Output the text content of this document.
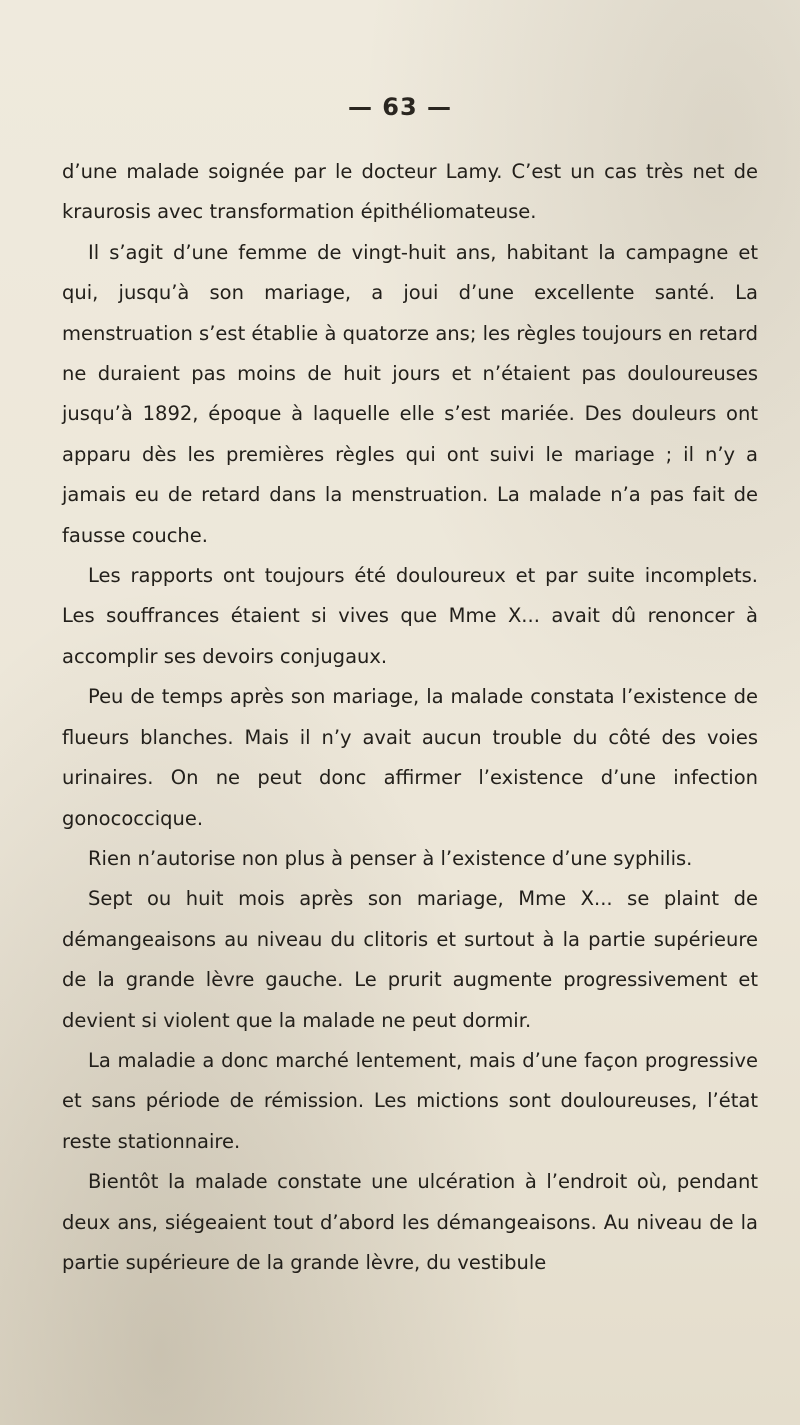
— 63 —

d’une malade soignée par le docteur Lamy. C’est un cas très net de kraurosis avec transformation épithéliomateuse.

Il s’agit d’une femme de vingt-huit ans, habitant la campagne et qui, jusqu’à son mariage, a joui d’une excellente santé. La menstruation s’est établie à quatorze ans; les règles toujours en retard ne duraient pas moins de huit jours et n’étaient pas douloureuses jusqu’à 1892, époque à laquelle elle s’est mariée. Des douleurs ont apparu dès les premières règles qui ont suivi le mariage ; il n’y a jamais eu de retard dans la menstruation. La malade n’a pas fait de fausse couche.

Les rapports ont toujours été douloureux et par suite incomplets. Les souffrances étaient si vives que Mme X... avait dû renoncer à accomplir ses devoirs conjugaux.

Peu de temps après son mariage, la malade constata l’existence de flueurs blanches. Mais il n’y avait aucun trouble du côté des voies urinaires. On ne peut donc affirmer l’existence d’une infection gonococcique.

Rien n’autorise non plus à penser à l’existence d’une syphilis.

Sept ou huit mois après son mariage, Mme X... se plaint de démangeaisons au niveau du clitoris et surtout à la partie supérieure de la grande lèvre gauche. Le prurit augmente progressivement et devient si violent que la malade ne peut dormir.

La maladie a donc marché lentement, mais d’une façon progressive et sans période de rémission. Les mictions sont douloureuses, l’état reste stationnaire.

Bientôt la malade constate une ulcération à l’endroit où, pendant deux ans, siégeaient tout d’abord les démangeaisons. Au niveau de la partie supérieure de la grande lèvre, du vestibule
